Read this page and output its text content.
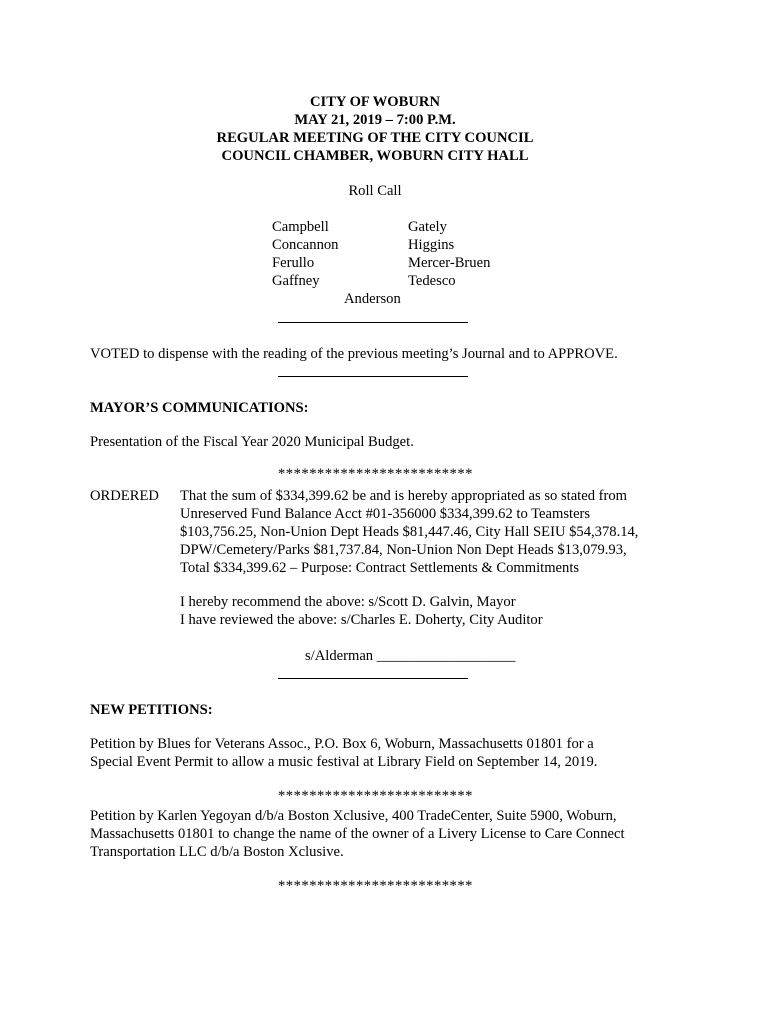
CITY OF WOBURN
MAY 21, 2019 – 7:00 P.M.
REGULAR MEETING OF THE CITY COUNCIL
COUNCIL CHAMBER, WOBURN CITY HALL
Roll Call
Campbell
Concannon
Ferullo
Gaffney
Gately
Higgins
Mercer-Bruen
Tedesco
Anderson
VOTED to dispense with the reading of the previous meeting’s Journal and to APPROVE.
MAYOR’S COMMUNICATIONS:
Presentation of the Fiscal Year 2020 Municipal Budget.
*************************
ORDERED That the sum of $334,399.62 be and is hereby appropriated as so stated from
Unreserved Fund Balance Acct #01-356000 $334,399.62 to Teamsters
$103,756.25, Non-Union Dept Heads $81,447.46, City Hall SEIU $54,378.14,
DPW/Cemetery/Parks $81,737.84, Non-Union Non Dept Heads $13,079.93,
Total $334,399.62 – Purpose: Contract Settlements & Commitments
I hereby recommend the above: s/Scott D. Galvin, Mayor
I have reviewed the above: s/Charles E. Doherty, City Auditor
s/Alderman ___________________
NEW PETITIONS:
Petition by Blues for Veterans Assoc., P.O. Box 6, Woburn, Massachusetts 01801 for a
Special Event Permit to allow a music festival at Library Field on September 14, 2019.
*************************
Petition by Karlen Yegoyan d/b/a Boston Xclusive, 400 TradeCenter, Suite 5900, Woburn,
Massachusetts 01801 to change the name of the owner of a Livery License to Care Connect
Transportation LLC d/b/a Boston Xclusive.
*************************
